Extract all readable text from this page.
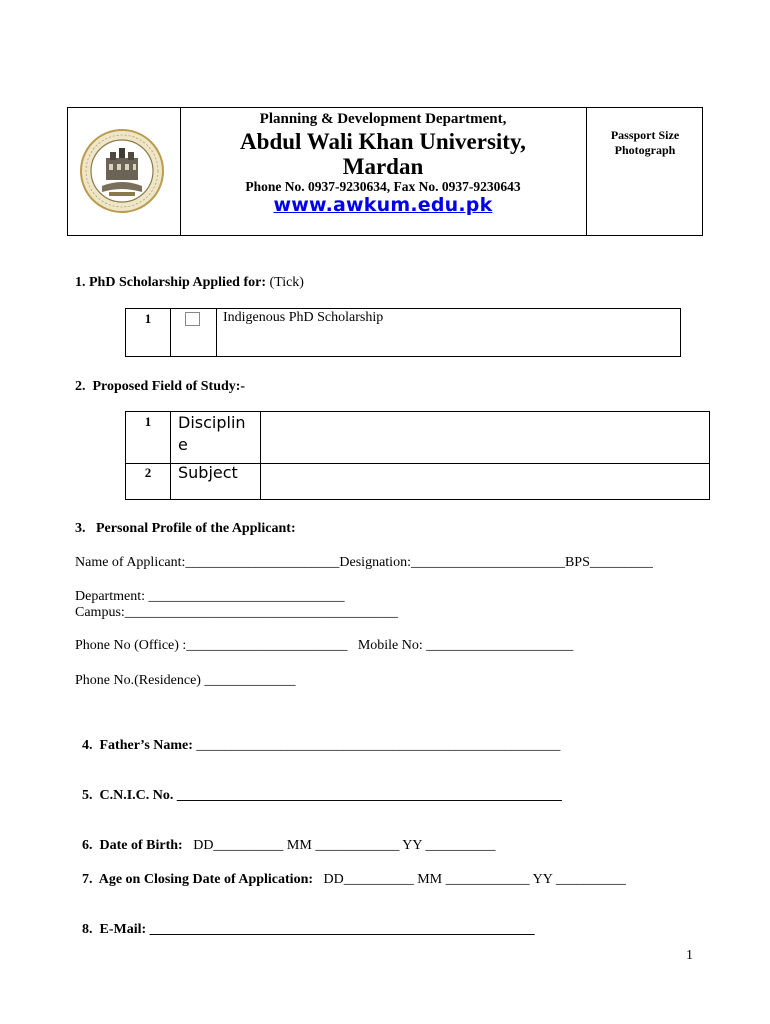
Planning & Development Department,
Abdul Wali Khan University,
Mardan
Phone No. 0937-9230634, Fax No. 0937-9230643
www.awkum.edu.pk
Passport Size
Photograph
1. PhD Scholarship Applied for: (Tick)
1	Indigenous PhD Scholarship
2. Proposed Field of Study:-
1	Discipline
2	Subject
3. Personal Profile of the Applicant:
Name of Applicant:______________________Designation:______________________BPS_________
Department: ____________________________
Campus:_______________________________________
Phone No (Office) :_______________________   Mobile No: _____________________
Phone No.(Residence) _____________

4.  Father’s Name: ____________________________________________________

5.  C.N.I.C. No. _______________________________________________________

6.  Date of Birth: DD__________ MM ____________ YY __________

7.  Age on Closing Date of Application: DD__________ MM ____________ YY __________

8.  E-Mail: _______________________________________________________

1
